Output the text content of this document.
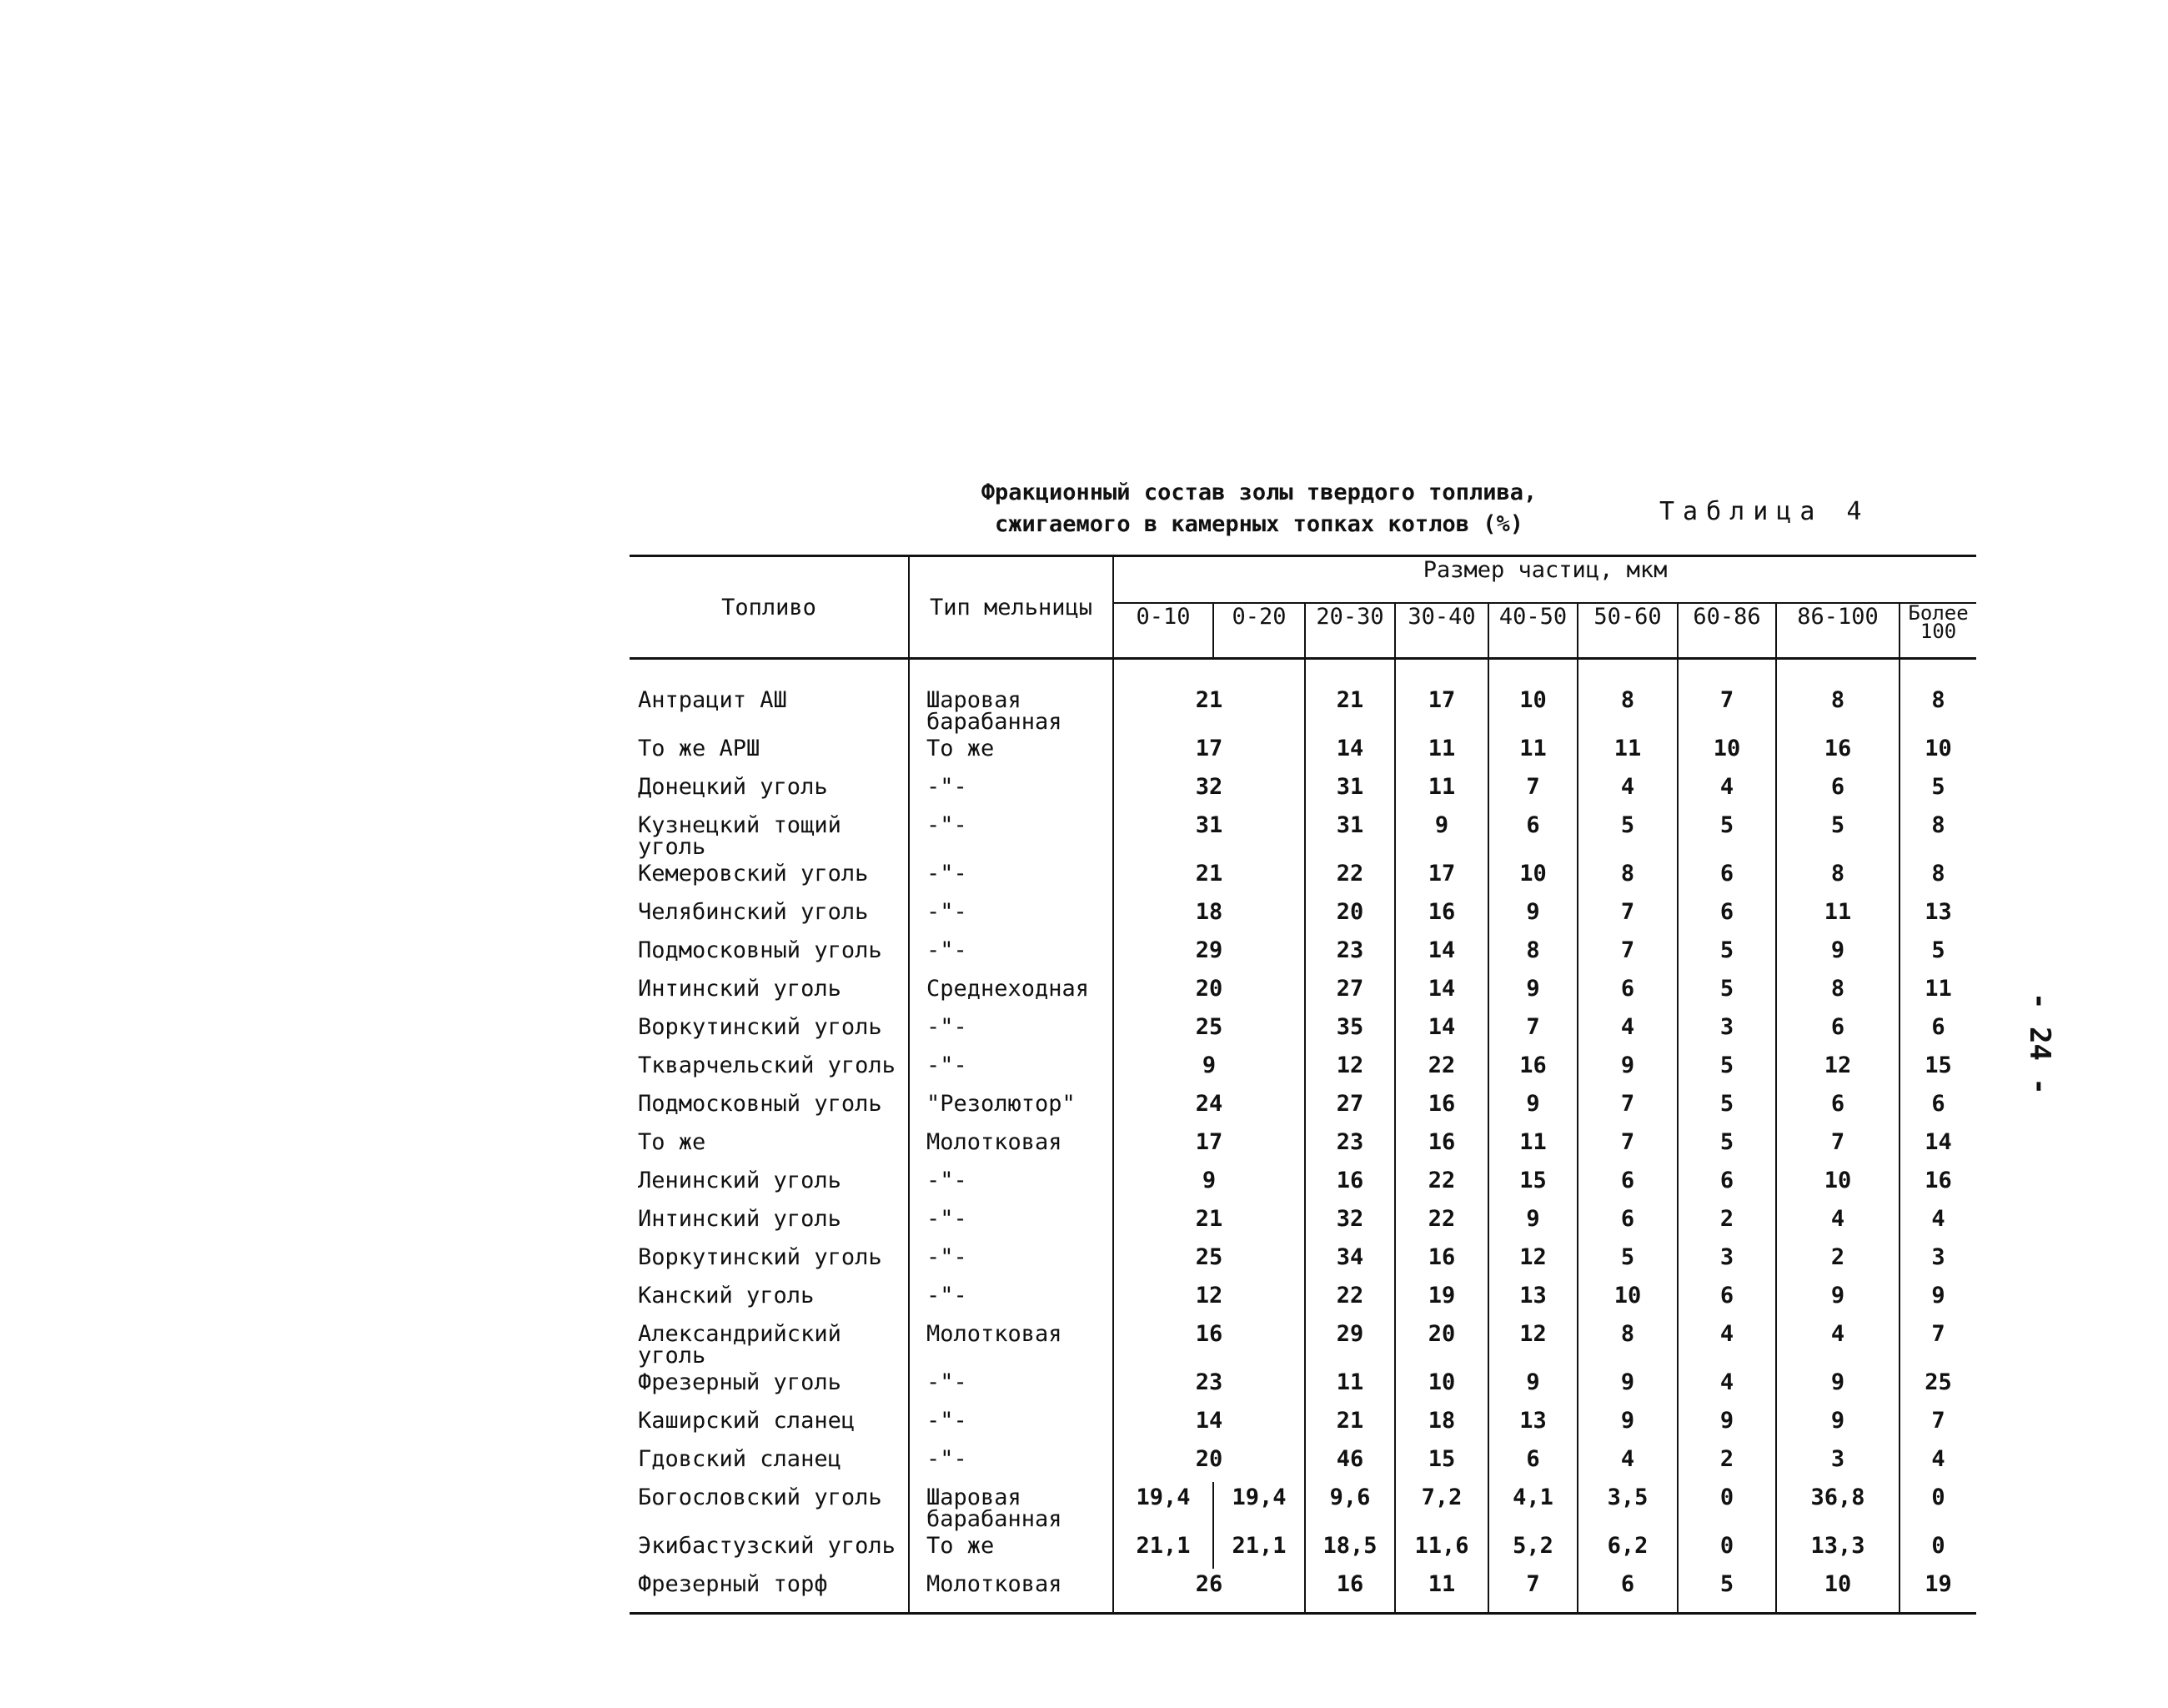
Фракционный состав золы твердого топлива,
сжигаемого в камерных топках котлов (%)	Таблица 4
- 24 -
Топливо	Тип мельницы	Размер частиц, мкм								
		0-10	0-20	20-30	30-40	40-50	50-60	60-86	86-100	Более 100
Антрацит АШ	Шаровая барабанная	21		21	17	10	8	7	8	8
То же АРШ	То же	17		14	11	11	11	10	16	10
Донецкий уголь	-"-	32		31	11	7	4	4	6	5
Кузнецкий тощий уголь	-"-	31		31	9	6	5	5	5	8
Кемеровский уголь	-"-	21		22	17	10	8	6	8	8
Челябинский уголь	-"-	18		20	16	9	7	6	11	13
Подмосковный уголь	-"-	29		23	14	8	7	5	9	5
Интинский уголь	Среднеходная	20		27	14	9	6	5	8	11
Воркутинский уголь	-"-	25		35	14	7	4	3	6	6
Ткварчельский уголь	-"-	9		12	22	16	9	5	12	15
Подмосковный уголь	"Резолютор"	24		27	16	9	7	5	6	6
То же	Молотковая	17		23	16	11	7	5	7	14
Ленинский уголь	-"-	9		16	22	15	6	6	10	16
Интинский уголь	-"-	21		32	22	9	6	2	4	4
Воркутинский уголь	-"-	25		34	16	12	5	3	2	3
Канский уголь	-"-	12		22	19	13	10	6	9	9
Александрийский уголь	Молотковая	16		29	20	12	8	4	4	7
Фрезерный уголь	-"-	23		11	10	9	9	4	9	25
Каширский сланец	-"-	14		21	18	13	9	9	9	7
Гдовский сланец	-"-	20		46	15	6	4	2	3	4
Богословский уголь	Шаровая барабанная	19,4	19,4	9,6	7,2	4,1	3,5	0	36,8	0
Экибастузский уголь	То же	21,1	21,1	18,5	11,6	5,2	6,2	0	13,3	0
Фрезерный торф	Молотковая	26		16	11	7	6	5	10	19
